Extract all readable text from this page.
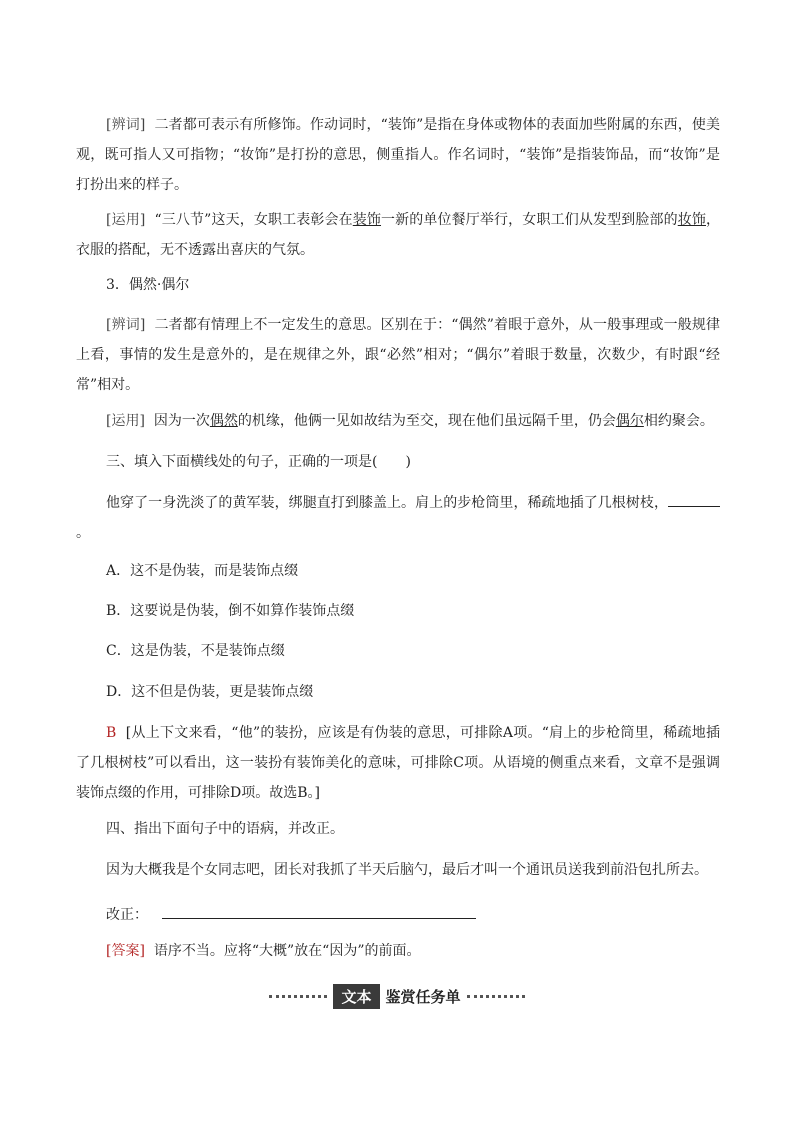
[辨词] 二者都可表示有所修饰。作动词时，“装饰”是指在身体或物体的表面加些附属的东西，使美观，既可指人又可指物；“妆饰”是打扮的意思，侧重指人。作名词时，“装饰”是指装饰品，而“妆饰”是打扮出来的样子。

[运用] “三八节”这天，女职工表彰会在装饰一新的单位餐厅举行，女职工们从发型到脸部的妆饰，衣服的搭配，无不透露出喜庆的气氛。

3．偶然·偶尔

[辨词] 二者都有情理上不一定发生的意思。区别在于：“偶然”着眼于意外，从一般事理或一般规律上看，事情的发生是意外的，是在规律之外，跟“必然”相对；“偶尔”着眼于数量，次数少，有时跟“经常”相对。

[运用] 因为一次偶然的机缘，他俩一见如故结为至交，现在他们虽远隔千里，仍会偶尔相约聚会。

三、填入下面横线处的句子，正确的一项是(　　)

他穿了一身洗淡了的黄军装，绑腿直打到膝盖上。肩上的步枪筒里，稀疏地插了几根树枝，。

A．这不是伪装，而是装饰点缀

B．这要说是伪装，倒不如算作装饰点缀

C．这是伪装，不是装饰点缀

D．这不但是伪装，更是装饰点缀

B [从上下文来看，“他”的装扮，应该是有伪装的意思，可排除A项。“肩上的步枪筒里，稀疏地插了几根树枝”可以看出，这一装扮有装饰美化的意味，可排除C项。从语境的侧重点来看，文章不是强调装饰点缀的作用，可排除D项。故选B。]

四、指出下面句子中的语病，并改正。

因为大概我是个女同志吧，团长对我抓了半天后脑勺，最后才叫一个通讯员送我到前沿包扎所去。

改正：

[答案] 语序不当。应将“大概”放在“因为”的前面。

文本 鉴赏任务单
